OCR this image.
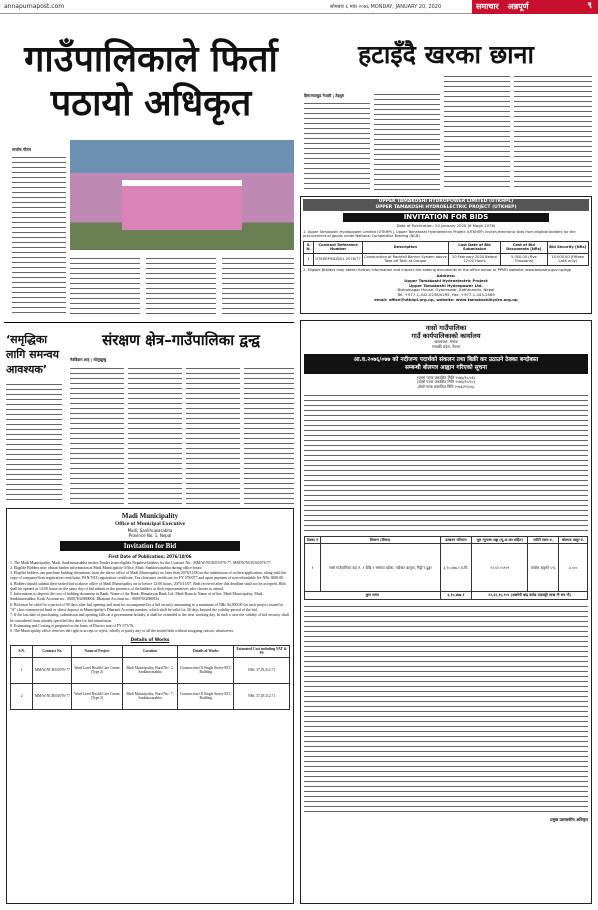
annapurnapost.com	सोमबार ६ माघ २०७६ MONDAY, JANUARY 20, 2020	समाचार अन्नपूर्ण	९
गाउँपालिकाले फिर्ता
पठायो अधिकृत
सन्तोष गौतम
हटाइँदै खरका छाना
हिमाञ्चलहुड नेपाली | तेह्रथुम
UPPER TAMAKOSHI HYDROPOWER LIMITED (UTKHPL)
UPPER TAMAKOSHI HYDROELECTRIC PROJECT (UTKHEP)
INVITATION FOR BIDS
Date of Publication: 20 January 2020 (6 Magh 2076)
1. Upper Tamakoshi Hydropower Limited (UTKHPL), Upper Tamakoshi Hydroelectric Project (UTKHEP) invites electronic bids from eligible bidders for the procurement of goods under National Competitive Bidding (NCB)
S. N.	Contract Reference Number	Description	Last Date of Bid Submission	Cost of Bid Documents [NRs]	Bid Security [NRs]
1	UTKHEP/NCB/01-2076/77	Construction of Rockfall Barrier System above Take off Tank at Gongar	20 February 2020 Before 12:00 Hours	5,000.00 (Five Thousand)	15,000.00 (Fifteen Lakh only)
2. Eligible Bidders may obtain further information and inspect the bidding documents at the office below or PPMO website: www.bolpatra.gov.np/egp
Address:
Upper Tamakoshi Hydroelectric Project
Upper Tamakoshi Hydropower Ltd.
Bishalnagar House, Gyaneswor, Kathmandu, Nepal
Tel: +977-1-442-0258/0295, Fax: +977-1-443-2569
email: office@utkhpl.org.np, website: www.tamakoshihydro.org.np
‘समृद्धिका
लागि समन्वय
आवश्यक’
संरक्षण क्षेत्र–गाउँपालिका द्वन्द्व
नेत्रविक्रम शाह | सोलुखुम्बु
नासो गाउँपालिका
गाउँ कार्यपालिकाको कार्यालय
खराबजार, मनाङ
गण्डकी प्रदेश, नेपाल
आ.व.२०७६/०७७ को नदीजन्य पदार्थको संकलन तथा बिक्री कर उठाउने ठेक्का बन्दोबस्त
सम्बन्धी बोलपत्र आह्वान गरिएको सूचना
(प्रथम पटक प्रकाशित मिति २०७६/१०/०६)
(दोस्रो पटक प्रकाशित मिति २०७६/१०/२०)
(तेस्रो पटक प्रकाशित मिति २०७६/११/०६)
ठेक्का नं	विवरण (विषय)	उत्खनन परिमाण	मूल न्यूनतम अङ्क (मू.अ.कर सहित)	धरौटी रकम रु.	बोलपत्र दस्तुर रु.
१	नासो गाउँपालिका वडा नं. १ देखि ९ सम्मका खोला, नदीबाट बालुवा, गिट्टी र ढुङ्गा	३,१०,४७७.१ घ.मि.	१२,६१,१५९०९	कबोल अङ्कको ५%	३,०००
कुल जम्मा		३,१०,४७७.१	१२,६१,१५,९०९ (अक्षरेपी बाह्र करोड एकसठ्ठी लाख नौ सय नौ)		
प्रमुख प्रशासकीय अधिकृत
Madi Municipality
Office of Municipal Executive
Madi, Sankhuwasabha
Province No. 1, Nepal
Invitation for Bid
First Date of Publication: 2076/10/06
1. The Madi Municipality, Madi, Sankhuwasabha invites Tender from eligible Nepalese bidders for the Contract No.: MM/W/NCB/03/076-77, MM/W/NCB/04/076-77.
2. Eligible Bidders may obtain further information at Madi Municipality Office, Madi, Sankhuwasabha during office hours.
3. Eligible bidders can purchase bidding documents from the above office of Madi Municipality no later than 2076/11/06 on the submission of written application, along with the copy of company/firm registration certificate, PAN/VAT registration certificate, Tax clearance certificate for FY 076/077 and upon payment of non refundable fee NRs 3000.00.
4. Bidders should submit their sealed bid to above office of Madi Municipality on or before 12:00 hours, 2076/11/07. Bids received after this deadline shall not be accepted. Bids shall be opened at 14:00 hours on the same day of bid submit in the presence of the bidders or their representatives who choose to attend.
5. Information to deposit the cost of bidding document in Bank: Name of the Bank: Himalayan Bank Ltd. Madi Branch; Name of office: Madi Municipality, Madi, Sankhuwasabha; Kosh Account no.: 06007632080004; Dharauti Account no.: 06007632080034
6. Bid must be valid for a period of 90 days after bid opening and must be accompanied by a bid security amounting to a minimum of NRs 94,000.00 for each project issued by "A" class commercial bank or direct deposit in Municipality's Dharauti Account number, which shall be valid for 30 days beyond the validity period of the bid.
7. If the last date of purchasing, submission and opening falls on a government holiday, it shall be extended to the next working day. In such a case the validity of bid security shall be considered from already specified last date for bid submission.
8. Estimating and Costing is prepared on the basis of District rate of FY 073/76.
9. The Municipality office reserves the right to accept or reject, wholly or partly any or all the sealed bids without assigning reason, whatsoever.
Details of Works
S.N.	Contract No.	Name of Project	Location	Details of Works	Estimated Cost including VAT & PS
1	MM/W/NCB/03/076-77	Ward Level Health Care Center (Type 2)	Madi Municipality, Ward No:- 2, Sankhuwasabha	Construction Of Single Storey RCC Building	NRs. 37,29,312.71
2	MM/W/NCB/04/076-77	Ward Level Health Care Center (Type 2)	Madi Municipality, Ward No:- 7, Sankhuwasabha	Construction Of Single Storey RCC Building	NRs. 37,29,312.71
